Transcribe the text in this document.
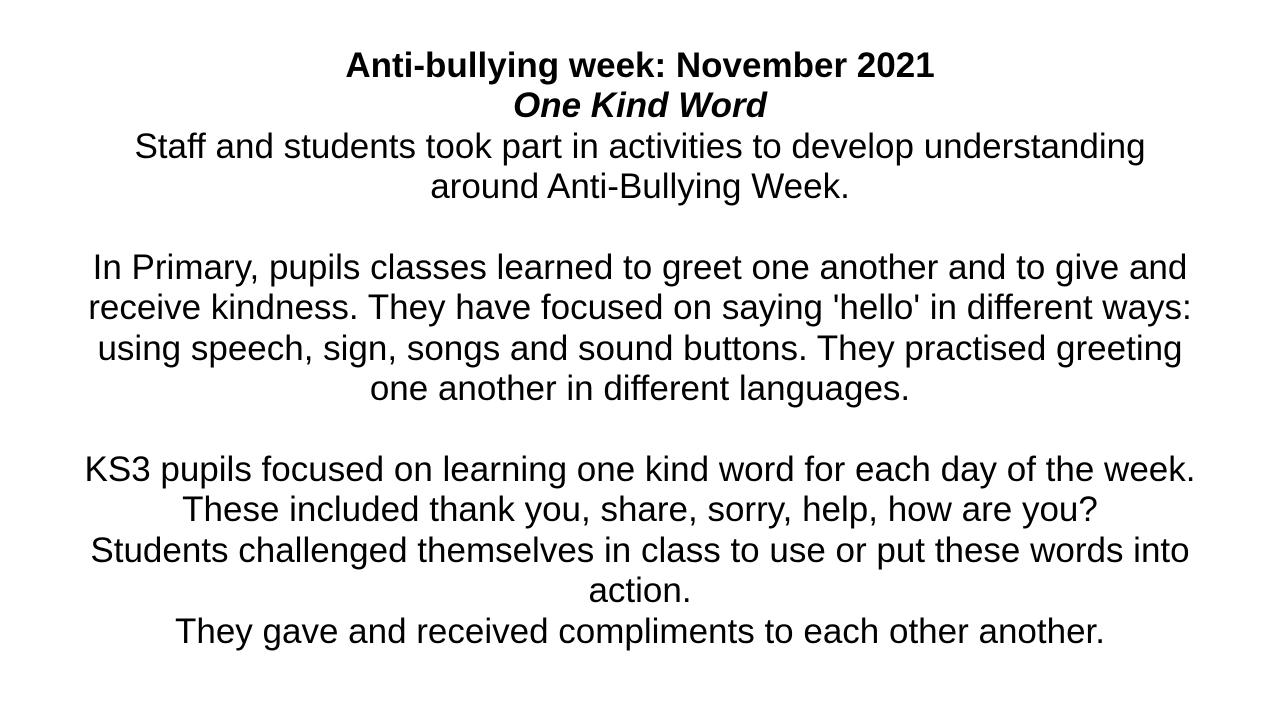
Anti-bullying week: November 2021
One Kind Word
Staff and students took part in activities to develop understanding
around Anti-Bullying Week.
In Primary, pupils classes learned to greet one another and to give and
receive kindness. They have focused on saying 'hello' in different ways:
using speech, sign, songs and sound buttons. They practised greeting
one another in different languages.
KS3 pupils focused on learning one kind word for each day of the week.
These included thank you, share, sorry, help, how are you?
Students challenged themselves in class to use or put these words into
action.
They gave and received compliments to each other another.
